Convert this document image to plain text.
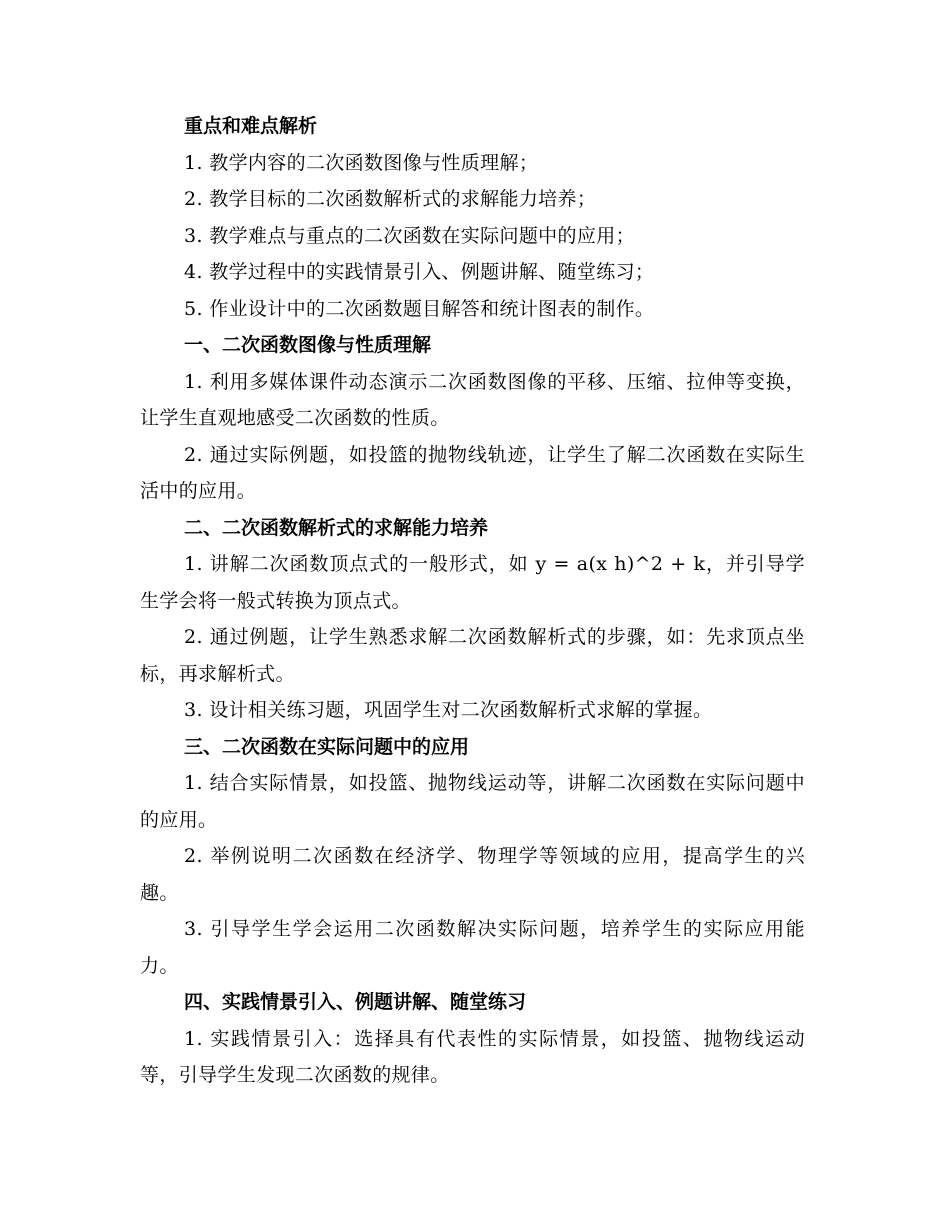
重点和难点解析

1. 教学内容的二次函数图像与性质理解；

2. 教学目标的二次函数解析式的求解能力培养；

3. 教学难点与重点的二次函数在实际问题中的应用；

4. 教学过程中的实践情景引入、例题讲解、随堂练习；

5. 作业设计中的二次函数题目解答和统计图表的制作。

一、二次函数图像与性质理解

1. 利用多媒体课件动态演示二次函数图像的平移、压缩、拉伸等变换，让学生直观地感受二次函数的性质。

2. 通过实际例题，如投篮的抛物线轨迹，让学生了解二次函数在实际生活中的应用。

二、二次函数解析式的求解能力培养

1. 讲解二次函数顶点式的一般形式，如 y = a(x h)^2 + k，并引导学生学会将一般式转换为顶点式。

2. 通过例题，让学生熟悉求解二次函数解析式的步骤，如：先求顶点坐标，再求解析式。

3. 设计相关练习题，巩固学生对二次函数解析式求解的掌握。

三、二次函数在实际问题中的应用

1. 结合实际情景，如投篮、抛物线运动等，讲解二次函数在实际问题中的应用。

2. 举例说明二次函数在经济学、物理学等领域的应用，提高学生的兴趣。

3. 引导学生学会运用二次函数解决实际问题，培养学生的实际应用能力。

四、实践情景引入、例题讲解、随堂练习

1. 实践情景引入：选择具有代表性的实际情景，如投篮、抛物线运动等，引导学生发现二次函数的规律。
